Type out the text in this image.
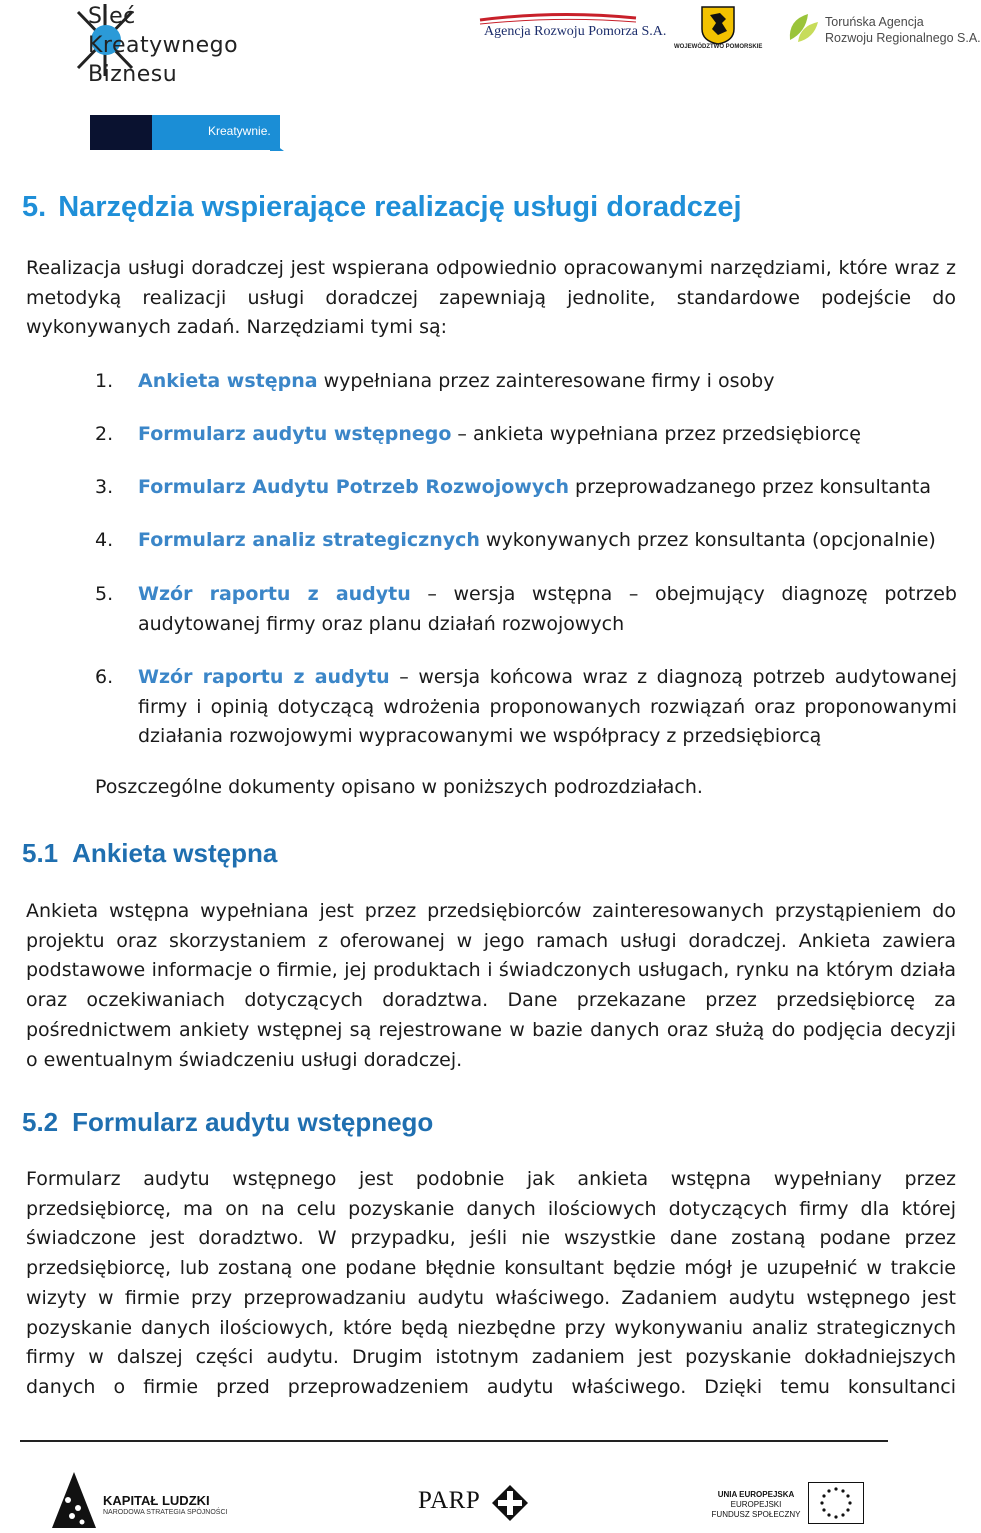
Sieć
Kreatywnego
Biznesu
Kreatywnie.
Agencja Rozwoju Pomorza S.A.
WOJEWÓDZTWO POMORSKIE
Toruńska Agencja
Rozwoju Regionalnego S.A.
5. Narzędzia wspierające realizację usługi doradczej
Realizacja usługi doradczej jest wspierana odpowiednio opracowanymi narzędziami, które wraz z metodyką realizacji usługi doradczej zapewniają jednolite, standardowe podejście do wykonywanych zadań. Narzędziami tymi są:
1.	Ankieta wstępna wypełniana przez zainteresowane firmy i osoby
2.	Formularz audytu wstępnego – ankieta wypełniana przez przedsiębiorcę
3.	Formularz Audytu Potrzeb Rozwojowych przeprowadzanego przez konsultanta
4.	Formularz analiz strategicznych wykonywanych przez konsultanta (opcjonalnie)
5.	Wzór raportu z audytu – wersja wstępna – obejmujący diagnozę potrzeb audytowanej firmy oraz planu działań rozwojowych
6.	Wzór raportu z audytu – wersja końcowa wraz z diagnozą potrzeb audytowanej firmy i opinią dotyczącą wdrożenia proponowanych rozwiązań oraz proponowanymi działania rozwojowymi wypracowanymi we współpracy z przedsiębiorcą
Poszczególne dokumenty opisano w poniższych podrozdziałach.
5.1 Ankieta wstępna
Ankieta wstępna wypełniana jest przez przedsiębiorców zainteresowanych przystąpieniem do projektu oraz skorzystaniem z oferowanej w jego ramach usługi doradczej. Ankieta zawiera podstawowe informacje o firmie, jej produktach i świadczonych usługach, rynku na którym działa oraz oczekiwaniach dotyczących doradztwa. Dane przekazane przez przedsiębiorcę za pośrednictwem ankiety wstępnej są rejestrowane w bazie danych oraz służą do podjęcia decyzji o ewentualnym świadczeniu usługi doradczej.
5.2 Formularz audytu wstępnego
Formularz audytu wstępnego jest podobnie jak ankieta wstępna wypełniany przez przedsiębiorcę, ma on na celu pozyskanie danych ilościowych dotyczących firmy dla której świadczone jest doradztwo. W przypadku, jeśli nie wszystkie dane zostaną podane przez przedsiębiorcę, lub zostaną one podane błędnie konsultant będzie mógł je uzupełnić w trakcie wizyty w firmie przy przeprowadzaniu audytu właściwego. Zadaniem audytu wstępnego jest pozyskanie danych ilościowych, które będą niezbędne przy wykonywaniu analiz strategicznych firmy w dalszej części audytu. Drugim istotnym zadaniem jest pozyskanie dokładniejszych danych o firmie przed przeprowadzeniem audytu właściwego. Dzięki temu konsultanci
KAPITAŁ LUDZKI
NARODOWA STRATEGIA SPÓJNOŚCI	PARP	UNIA EUROPEJSKA
EUROPEJSKI
FUNDUSZ SPOŁECZNY
